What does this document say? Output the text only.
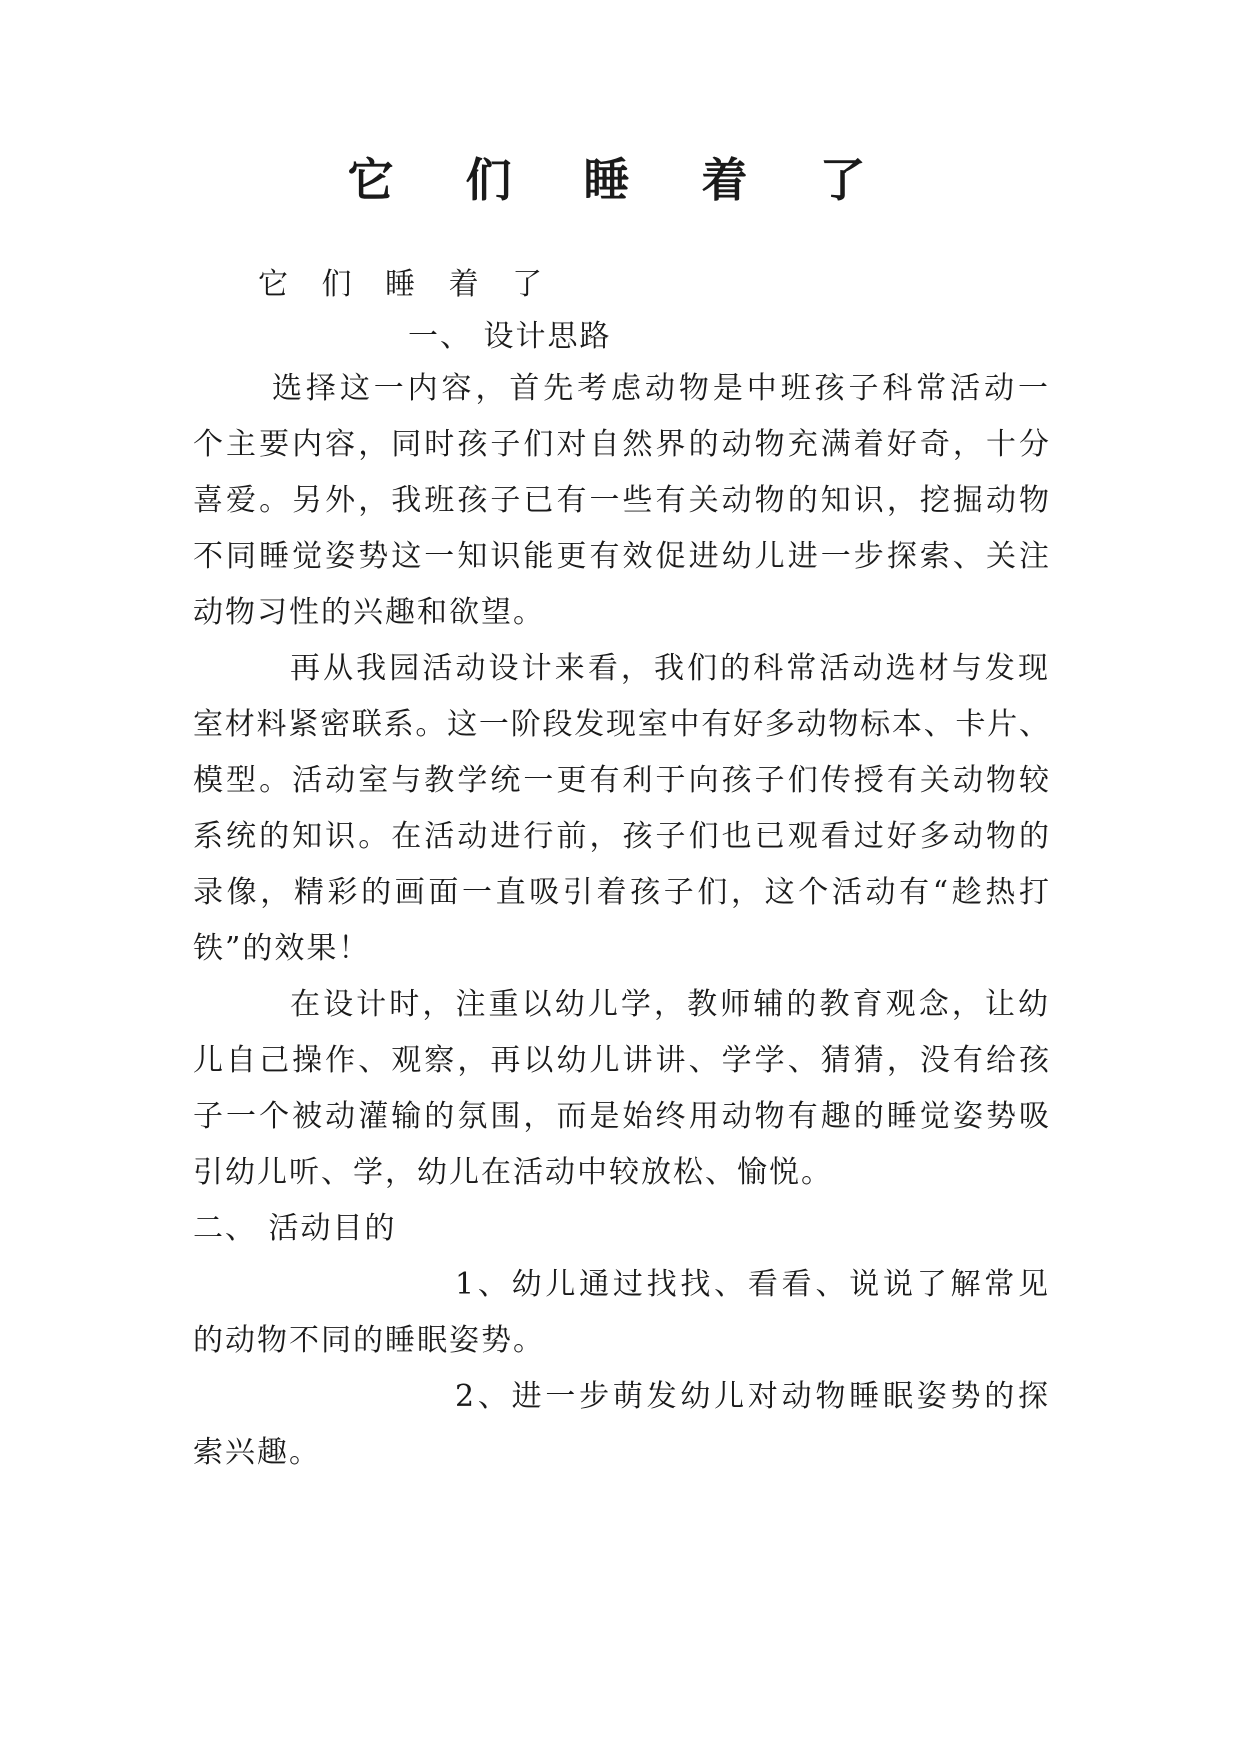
它 们 睡 着 了
它 们 睡 着 了
一、 设计思路
选择这一内容，首先考虑动物是中班孩子科常活动一
个主要内容，同时孩子们对自然界的动物充满着好奇，十分
喜爱。另外，我班孩子已有一些有关动物的知识，挖掘动物
不同睡觉姿势这一知识能更有效促进幼儿进一步探索、关注
动物习性的兴趣和欲望。
再从我园活动设计来看，我们的科常活动选材与发现
室材料紧密联系。这一阶段发现室中有好多动物标本、卡片、
模型。活动室与教学统一更有利于向孩子们传授有关动物较
系统的知识。在活动进行前，孩子们也已观看过好多动物的
录像，精彩的画面一直吸引着孩子们，这个活动有“趁热打
铁”的效果！
在设计时，注重以幼儿学，教师辅的教育观念，让幼
儿自己操作、观察，再以幼儿讲讲、学学、猜猜，没有给孩
子一个被动灌输的氛围，而是始终用动物有趣的睡觉姿势吸
引幼儿听、学，幼儿在活动中较放松、愉悦。
二、 活动目的
1、幼儿通过找找、看看、说说了解常见
的动物不同的睡眠姿势。
2、进一步萌发幼儿对动物睡眠姿势的探
索兴趣。
